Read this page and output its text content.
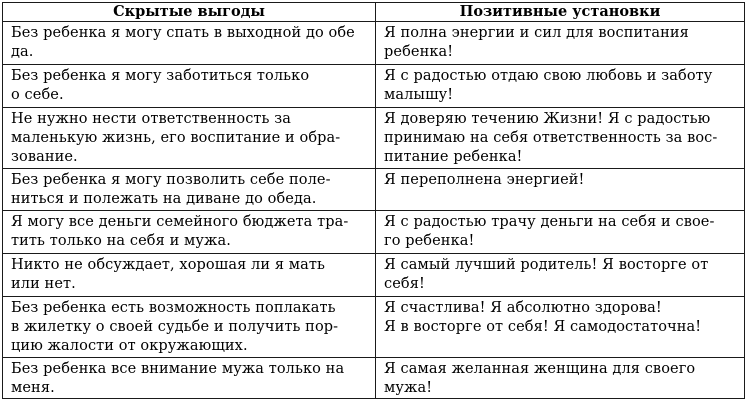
Скрытые выгоды	Позитивные установки

Без ребенка я могу спать в выходной до обе
да.	Я полна энергии и сил для воспитания
ребенка!

Без ребенка я могу заботиться только
о себе.	Я с радостью отдаю свою любовь и заботу
малышу!

Не нужно нести ответственность за
маленькую жизнь, его воспитание и обра-
зование.	Я доверяю течению Жизни! Я с радостью
принимаю на себя ответственность за вос-
питание ребенка!

Без ребенка я могу позволить себе поле-
ниться и полежать на диване до обеда.	Я переполнена энергией!

Я могу все деньги семейного бюджета тра-
тить только на себя и мужа.	Я с радостью трачу деньги на себя и свое-
го ребенка!

Никто не обсуждает, хорошая ли я мать
или нет.	Я самый лучший родитель! Я восторге от
себя!

Без ребенка есть возможность поплакать
в жилетку о своей судьбе и получить пор-
цию жалости от окружающих.	Я счастлива! Я абсолютно здорова!
Я в восторге от себя! Я самодостаточна!

Без ребенка все внимание мужа только на
меня.	Я самая желанная женщина для своего
мужа!
